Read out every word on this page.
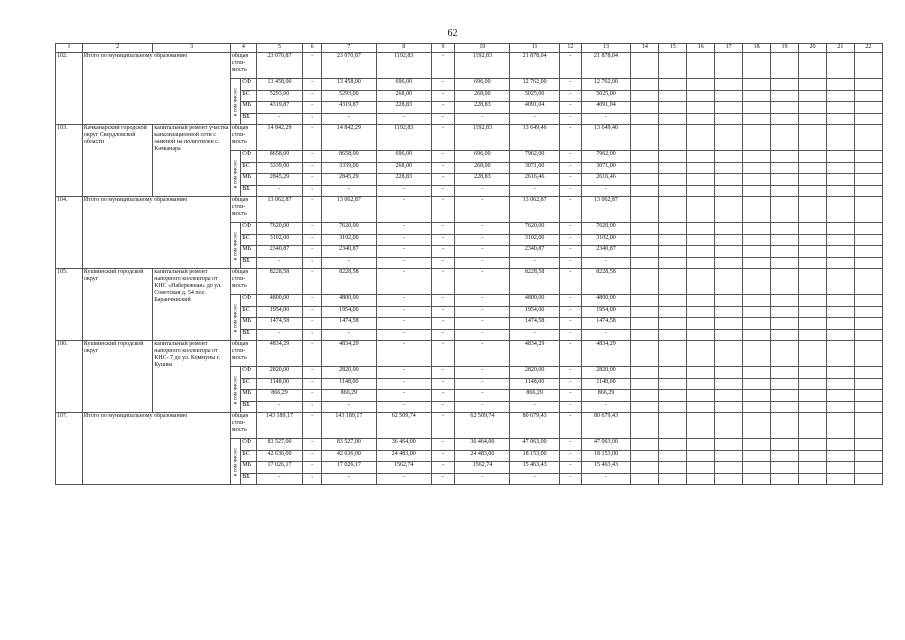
62
1	2	3	4		5	6	7	8	9	10	11	12	13	14	15	16	17	18	19	20	21	22
102.	Итого по муниципальному образованию		общая стои- мость		23 070,87	-	23 070,87	1192,83	-	1192,83	21 878,04	-	21 878,04									

			в том числе:	СФ	13 458,00	-	13 458,00	696,00	-	696,00	12 762,00	-	12 762,00									
				БС	5293,00	-	5293,00	268,00	-	268,00	5025,00	-	5025,00									
				МБ	4319,87	-	4319,87	228,83	-	228,83	4091,04	-	4091,04									
				ВБ	-	-	-	-	-	-	-	-	-									
103.	Качканарский городской округ Свердловской области	капитальный ремонт участка канализационной сети с заменой на полиэтилен с. Качканара	общая стои- мость		14 842,29	-	14 842,29	1192,83	-	1192,83	13 649,46	-	13 649,46									

			в том числе:	СФ	8658,00	-	8658,00	696,00	-	696,00	7962,00	-	7962,00									
				БС	3339,00	-	3339,00	268,00	-	268,00	3071,00	-	3071,00									
				МБ	2845,29	-	2845,29	228,83	-	228,83	2616,46	-	2616,46									
				ВБ	-	-	-	-	-	-	-	-	-									
104.	Итого по муниципальному образованию		общая стои- мость		13 062,87	-	13 062,87	-	-	-	13 062,87	-	13 062,87									

			в том числе:	СФ	7620,00	-	7620,00	-	-	-	7620,00	-	7620,00									
				БС	3102,00	-	3102,00	-	-	-	3102,00	-	3102,00									
				МБ	2340,87	-	2340,87	-	-	-	2340,87	-	2340,87									
				ВБ	-	-	-	-	-	-	-	-	-									
105.	Кушвинский городской округ	капитальный ремонт напорного коллектора от КНС «Набережная» до ул. Советская д. 54 пос. Баранчинский	общая стои- мость		8228,58	-	8228,58	-	-	-	8228,58	-	8228,58									

			в том числе:	СФ	4800,00	-	4800,00	-	-	-	4800,00	-	4800,00									
				БС	1954,00	-	1954,00	-	-	-	1954,00	-	1954,00									
				МБ	1474,58	-	1474,58	-	-	-	1474,58	-	1474,58									
				ВБ	-	-	-	-	-	-	-	-	-									
106.	Кушвинский городской округ	капитальный ремонт напорного коллектора от КНС- 7 до ул. Коммуны г. Кушвы	общая стои- мость		4834,29	-	4834,29	-	-	-	4834,29	-	4834,29									

			в том числе:	СФ	2820,00	-	2820,00	-	-	-	2820,00	-	2820,00									
				БС	1148,00	-	1148,00	-	-	-	1148,00	-	1148,00									
				МБ	866,29	-	866,29	-	-	-	866,29	-	866,29									
				ВБ	-	-	-	-	-	-	-	-	-									
107.	Итого по муниципальному образованию		общая стои- мость		143 189,17	-	143 189,17	62 509,74	-	62 509,74	80 679,43	-	80 679,43									

			в том числе:	СФ	83 527,00	-	83 527,00	36 464,00	-	36 464,00	47 063,00	-	47 063,00									
				БС	42 636,00	-	42 636,00	24 483,00	-	24 483,00	18 153,00	-	18 153,00									
				МБ	17 026,17	-	17 026,17	1562,74	-	1562,74	15 463,43	-	15 463,43									
				ВБ	-	-	-	-	-	-	-	-	-									
